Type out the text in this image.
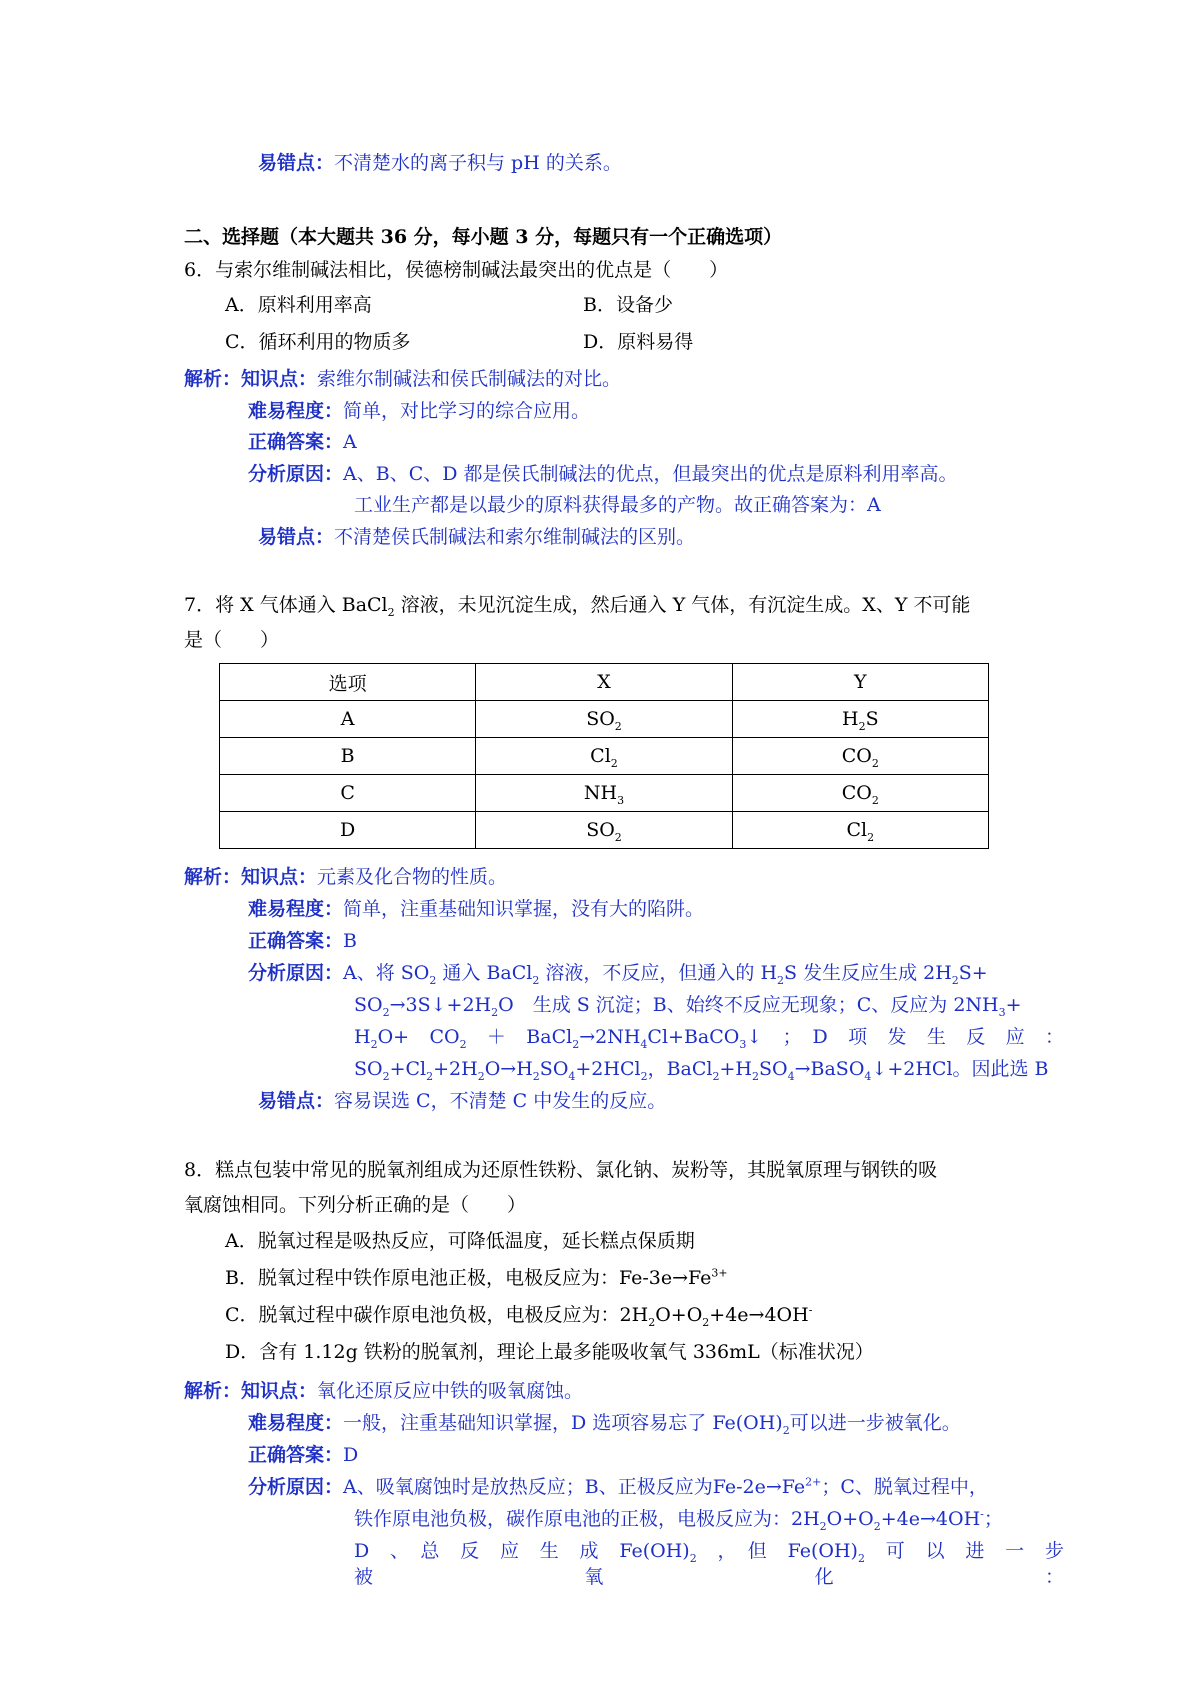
易错点：不清楚水的离子积与 pH 的关系。
二、选择题（本大题共 36 分，每小题 3 分，每题只有一个正确选项）
6．与索尔维制碱法相比，侯德榜制碱法最突出的优点是（　　）
A．原料利用率高	B．设备少
C．循环利用的物质多	D．原料易得
解析：知识点：索维尔制碱法和侯氏制碱法的对比。
难易程度：简单，对比学习的综合应用。
正确答案：A
分析原因：A、B、C、D 都是侯氏制碱法的优点，但最突出的优点是原料利用率高。
工业生产都是以最少的原料获得最多的产物。故正确答案为：A
易错点：不清楚侯氏制碱法和索尔维制碱法的区别。
7．将 X 气体通入 BaCl$_2$ 溶液，未见沉淀生成，然后通入 Y 气体，有沉淀生成。X、Y 不可能
是（　　）
选项	X	Y
A	$SO_2$	$H_2S$
B	$Cl_2$	$CO_2$
C	$NH_3$	$CO_2$
D	$SO_2$	$Cl_2$
解析：知识点：元素及化合物的性质。
难易程度：简单，注重基础知识掌握，没有大的陷阱。
正确答案：B
分析原因：A、将 $SO_2$ 通入 BaCl$_2$ 溶液，不反应，但通入的 $H_2S$ 发生反应生成 $2H_2S+$
$SO_2\to 3S↓+2H_2O$　生成 S 沉淀；B、始终不反应无现象；C、反应为 $2NH_3+$
$H_2O+$　$CO_2$　＋　$BaCl_2\to 2NH_4Cl+BaCO_3↓$　；　D　项　发　生　反　应　：
$SO_2+Cl_2+2H_2O\to H_2SO_4+2HCl_2$，$BaCl_2+H_2SO_4\to BaSO_4↓+2HCl$。因此选 B
易错点：容易误选 C，不清楚 C 中发生的反应。
8．糕点包装中常见的脱氧剂组成为还原性铁粉、氯化钠、炭粉等，其脱氧原理与钢铁的吸
氧腐蚀相同。下列分析正确的是（　　）
A．脱氧过程是吸热反应，可降低温度，延长糕点保质期
B．脱氧过程中铁作原电池正极，电极反应为：$Fe-3e\to Fe^{3+}$
C．脱氧过程中碳作原电池负极，电极反应为：$2H_2O+O_2+4e\to 4OH^-$
D．含有 1.12g 铁粉的脱氧剂，理论上最多能吸收氧气 336mL（标准状况）
解析：知识点：氧化还原反应中铁的吸氧腐蚀。
难易程度：一般，注重基础知识掌握，D 选项容易忘了 $Fe(OH)_2$可以进一步被氧化。
正确答案：D
分析原因：A、吸氧腐蚀时是放热反应；B、正极反应为$Fe-2e\to Fe^{2+}$；C、脱氧过程中，
铁作原电池负极，碳作原电池的正极，电极反应为：$2H_2O+O_2+4e\to 4OH^-$；
D　、　总　反　应　生　成　$Fe(OH)_2$　，　但　$Fe(OH)_2$　可　以　进　一　步　被　氧　化　：
